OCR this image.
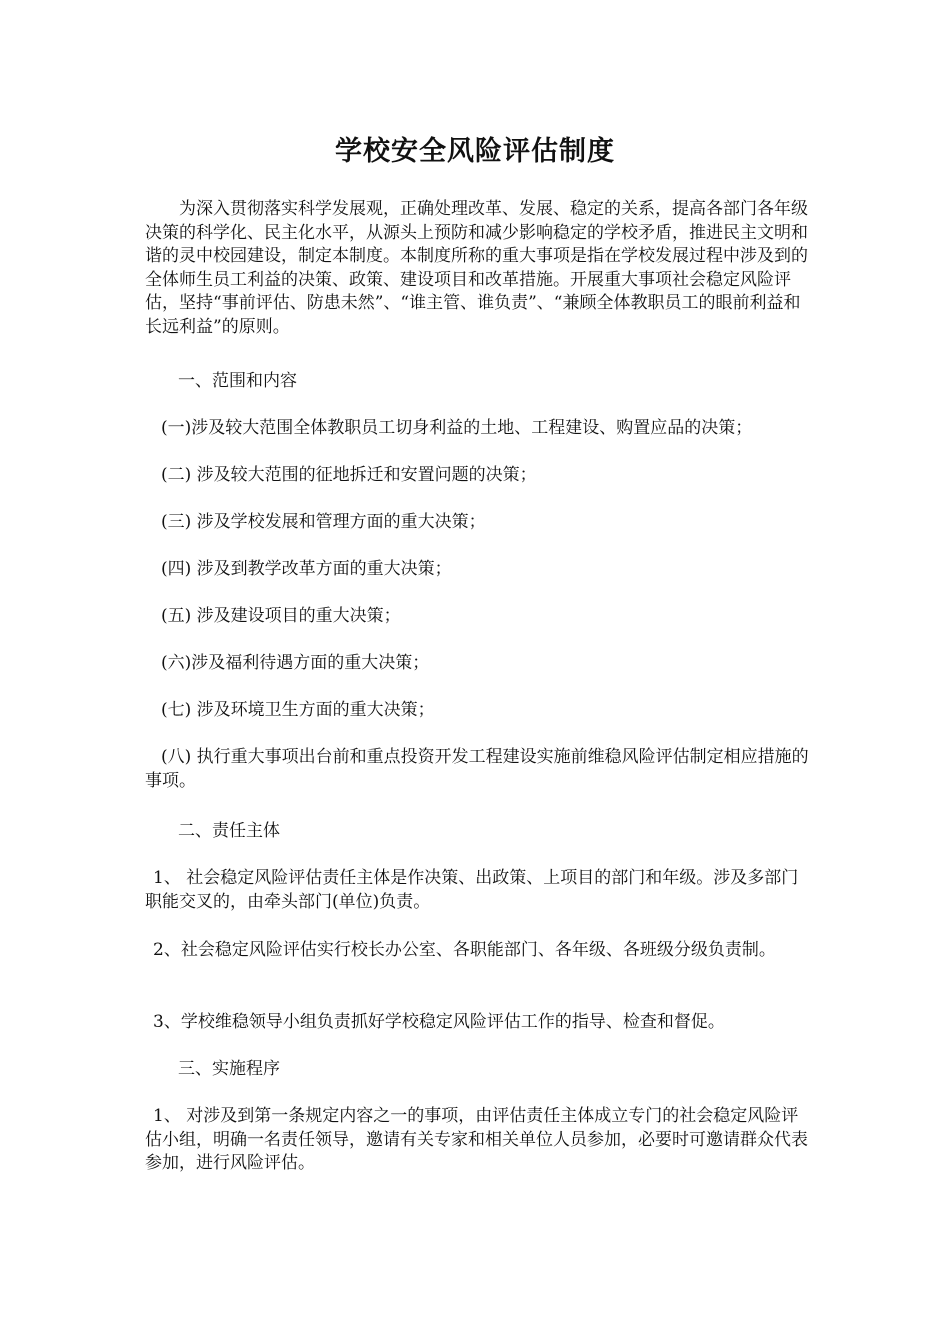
学校安全风险评估制度

为深入贯彻落实科学发展观，正确处理改革、发展、稳定的关系，提高各部门各年级决策的科学化、民主化水平，从源头上预防和减少影响稳定的学校矛盾，推进民主文明和谐的灵中校园建设，制定本制度。本制度所称的重大事项是指在学校发展过程中涉及到的全体师生员工利益的决策、政策、建设项目和改革措施。开展重大事项社会稳定风险评估，坚持“事前评估、防患未然”、“谁主管、谁负责”、“兼顾全体教职员工的眼前利益和长远利益”的原则。

一、范围和内容

(一)涉及较大范围全体教职员工切身利益的土地、工程建设、购置应品的决策；

(二) 涉及较大范围的征地拆迁和安置问题的决策；

(三) 涉及学校发展和管理方面的重大决策；

(四) 涉及到教学改革方面的重大决策；

(五) 涉及建设项目的重大决策；

(六)涉及福利待遇方面的重大决策；

(七) 涉及环境卫生方面的重大决策；

(八) 执行重大事项出台前和重点投资开发工程建设实施前维稳风险评估制定相应措施的事项。

二、责任主体

1、 社会稳定风险评估责任主体是作决策、出政策、上项目的部门和年级。涉及多部门职能交叉的，由牵头部门(单位)负责。

2、社会稳定风险评估实行校长办公室、各职能部门、各年级、各班级分级负责制。

3、学校维稳领导小组负责抓好学校稳定风险评估工作的指导、检查和督促。

三、实施程序

1、 对涉及到第一条规定内容之一的事项，由评估责任主体成立专门的社会稳定风险评估小组，明确一名责任领导，邀请有关专家和相关单位人员参加，必要时可邀请群众代表参加，进行风险评估。
